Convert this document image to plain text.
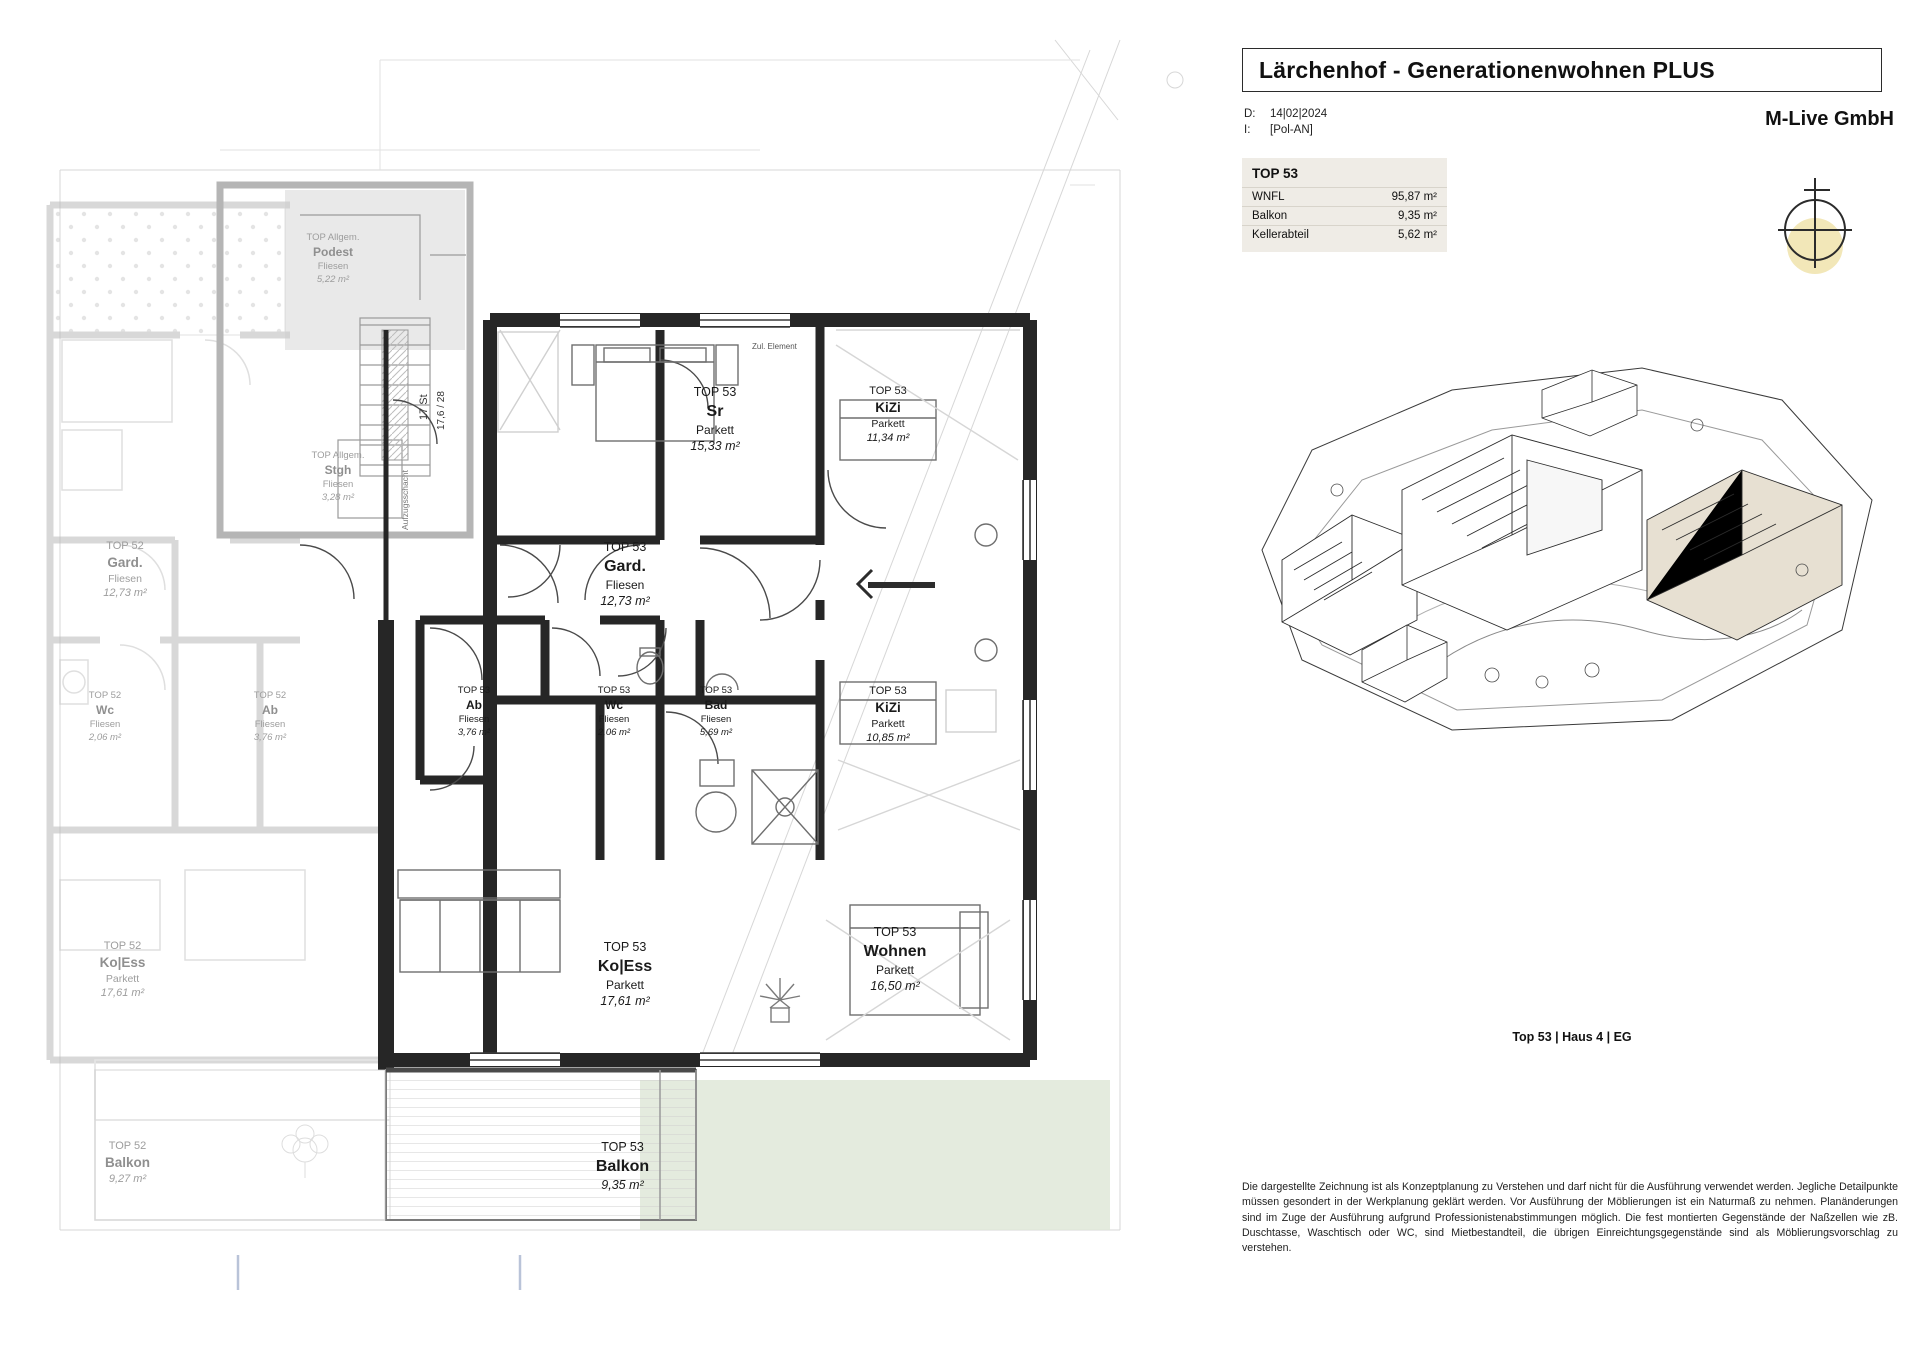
TOP Allgem.
Podest
Fliesen
5,22 m²
TOP Allgem.
Stgh
Fliesen
3,28 m²
17 St 17,6 / 28
Aufzugsschacht
Zul. Element
TOP 52
Gard.
Fliesen
12,73 m²
TOP 52
Wc
Fliesen
2,06 m²
TOP 52
Ab
Fliesen
3,76 m²
TOP 52
Ko|Ess
Parkett
17,61 m²
TOP 52
Balkon
9,27 m²
TOP 53
Sr
Parkett
15,33 m²
TOP 53
KiZi
Parkett
11,34 m²
TOP 53
Gard.
Fliesen
12,73 m²
TOP 53
Ab
Fliesen
3,76 m²
TOP 53
Wc
Fliesen
2,06 m²
TOP 53
Bad
Fliesen
5,69 m²
TOP 53
KiZi
Parkett
10,85 m²
TOP 53
Ko|Ess
Parkett
17,61 m²
TOP 53
Wohnen
Parkett
16,50 m²
TOP 53
Balkon
9,35 m²
Lärchenhof - Generationenwohnen PLUS
D:	14|02|2024
I:	[Pol-AN]	M-Live GmbH
TOP 53
WNFL	95,87 m²
Balkon	9,35 m²
Kellerabteil	5,62 m²
Top 53 | Haus 4 | EG
Die dargestellte Zeichnung ist als Konzeptplanung zu Verstehen und darf nicht für die Ausführung verwendet werden. Jegliche Detailpunkte müssen gesondert in der Werkplanung geklärt werden. Vor Ausführung der Möblierungen ist ein Naturmaß zu nehmen. Planänderungen sind im Zuge der Ausführung aufgrund Professionistenabstimmungen möglich. Die fest montierten Gegenstände der Naßzellen wie zB. Duschtasse, Waschtisch oder WC, sind Mietbestandteil, die übrigen Einreichtungsgegenstände sind als Möblierungsvorschlag zu verstehen.
